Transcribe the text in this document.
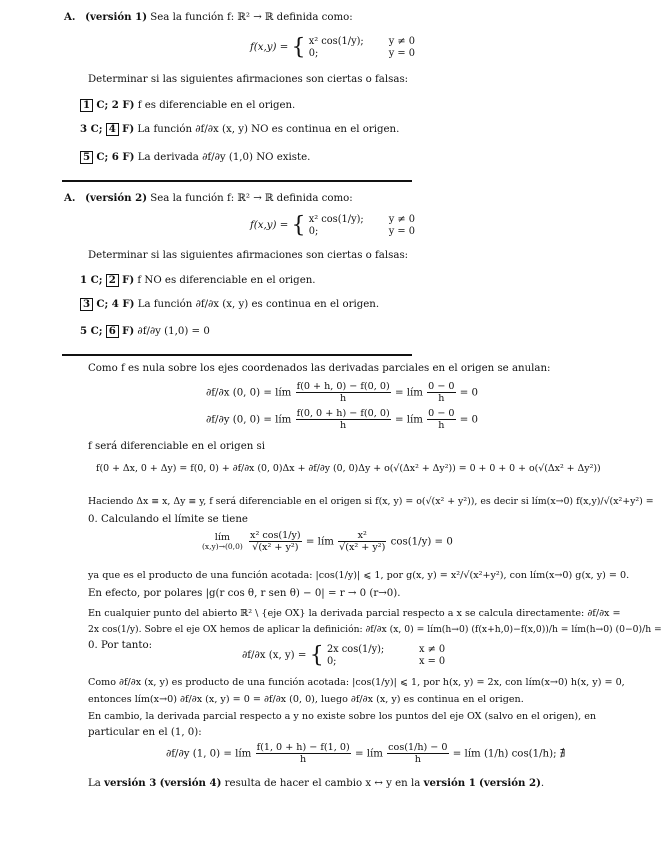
A. (versión 1) Sea la función f: ℝ² → ℝ definida como:
f(x,y) = { x² cos(1/y);	y ≠ 0
0;	y = 0
Determinar si las siguientes afirmaciones son ciertas o falsas:
1 C; 2 F) f es diferenciable en el origen.
3 C; 4 F) La función ∂f/∂x (x, y) NO es continua en el origen.
5 C; 6 F) La derivada ∂f/∂y (1,0) NO existe.
A. (versión 2) Sea la función f: ℝ² → ℝ definida como:
f(x,y) = { x² cos(1/y);	y ≠ 0
0;	y = 0
Determinar si las siguientes afirmaciones son ciertas o falsas:
1 C; 2 F) f NO es diferenciable en el origen.
3 C; 4 F) La función ∂f/∂x (x, y) es continua en el origen.
5 C; 6 F) ∂f/∂y (1,0) = 0
Como f es nula sobre los ejes coordenados las derivadas parciales en el origen se anulan:
∂f/∂x (0, 0) = lím $\frac{f(0 + h, 0) - f(0, 0)}{h}$ = lím $\frac{0 - 0}{h} = 0$
∂f/∂y (0, 0) = lím $\frac{f(0, 0 + h) - f(0, 0)}{h}$ = lím $\frac{0 - 0}{h} = 0$
f será diferenciable en el origen si
f(0 + Δx, 0 + Δy) = f(0, 0) + ∂f/∂x (0, 0)Δx + ∂f/∂y (0, 0)Δy + o(√(Δx² + Δy²)) = 0 + 0 + 0 + o(√(Δx² + Δy²))
Haciendo Δx ≡ x, Δy ≡ y, f será diferenciable en el origen si f(x, y) = o(√(x² + y²)), es decir si lím(x→0) f(x,y)/√(x²+y²) =
0. Calculando el límite se tiene
lím
(x,y)→(0,0)
$\frac{\text{x² cos(1/y)}}{\text{√(x² + y²)}}$ = lím $\frac{\text{x²}}{\text{√(x² + y²)}} \cos(1/y) = 0$
ya que es el producto de una función acotada: |cos(1/y)| ⩽ 1, por g(x, y) = x²/√(x²+y²), con lím(x→0) g(x, y) = 0.
En efecto, por polares |g(r cos θ, r sen θ) − 0| = r → 0 (r→0).
En cualquier punto del abierto ℝ² \ {eje OX} la derivada parcial respecto a x se calcula directamente: ∂f/∂x =
2x cos(1/y). Sobre el eje OX hemos de aplicar la definición: ∂f/∂x (x, 0) = lím(h→0) (f(x+h,0)−f(x,0))/h = lím(h→0) (0−0)/h =
0. Por tanto:
∂f/∂x (x, y) = { 2x cos(1/y);	x ≠ 0
0;	x = 0
Como ∂f/∂x (x, y) es producto de una función acotada: |cos(1/y)| ⩽ 1, por h(x, y) = 2x, con lím(x→0) h(x, y) = 0,
entonces lím(x→0) ∂f/∂x (x, y) = 0 = ∂f/∂x (0, 0), luego ∂f/∂x (x, y) es continua en el origen.
En cambio, la derivada parcial respecto a y no existe sobre los puntos del eje OX (salvo en el origen), en
particular en el (1, 0):
∂f/∂y (1, 0) = lím $\frac{f(1, 0 + h) - f(1, 0)}{h}$ = lím $\frac{\cos(1/h) - 0}{h}$ = lím (1/h) cos(1/h); ∄
La versión 3 (versión 4) resulta de hacer el cambio x ↔ y en la versión 1 (versión 2).
